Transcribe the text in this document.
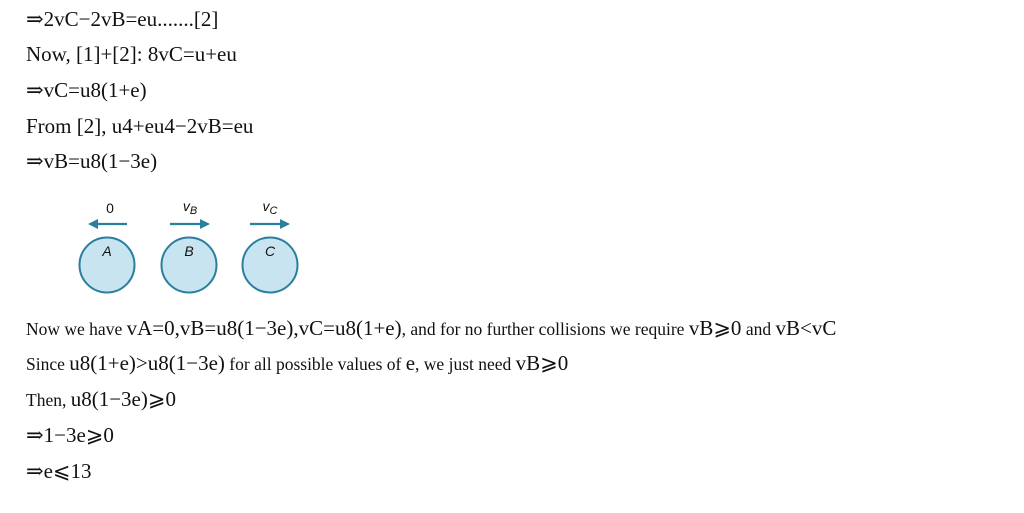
⇒2vC−2vB=eu.......[2]
Now, [1]+[2]: 8vC=u+eu
⇒vC=u8(1+e)
From [2], u4+eu4−2vB=eu
⇒vB=u8(1−3e)
0
A
$v_B$
B
$v_C$
C
Now we have vA=0,vB=u8(1−3e),vC=u8(1+e), and for no further collisions we require vB⩾0 and vB<vC
Since u8(1+e)>u8(1−3e) for all possible values of e, we just need vB⩾0
Then, u8(1−3e)⩾0
⇒1−3e⩾0
⇒e⩽13
